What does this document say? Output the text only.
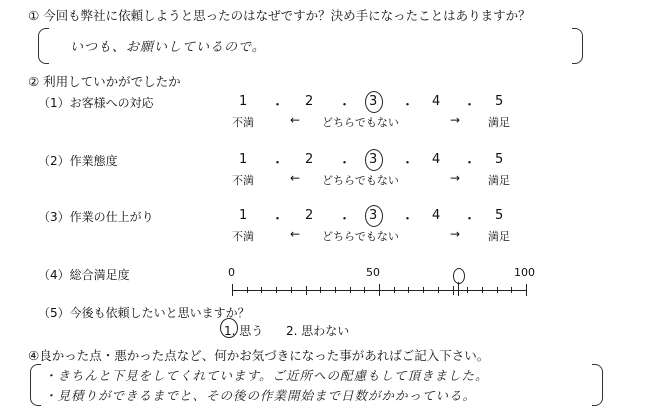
① 今回も弊社に依頼しようと思ったのはなぜですか？決め手になったことはありますか？
いつも、お願いしているので。
② 利用していかがでしたか
（1）お客様への対応	1 ・ 2 ・ 3 ・ 4 ・ 5
不満	← どちらでもない	→	満足
（2）作業態度	1 ・ 2 ・ 3 ・ 4 ・ 5
不満	← どちらでもない	→	満足
（3）作業の仕上がり	1 ・ 2 ・ 3 ・ 4 ・ 5
不満	← どちらでもない	→	満足
（4）総合満足度	0	50	100
（5）今後も依頼したいと思いますか？
1. 思う 2. 思わない
④良かった点・悪かった点など、何かお気づきになった事があればご記入下さい。
・きちんと下見をしてくれています。ご近所への配慮もして頂きました。
・見積りができるまでと、その後の作業開始まで日数がかかっている。
